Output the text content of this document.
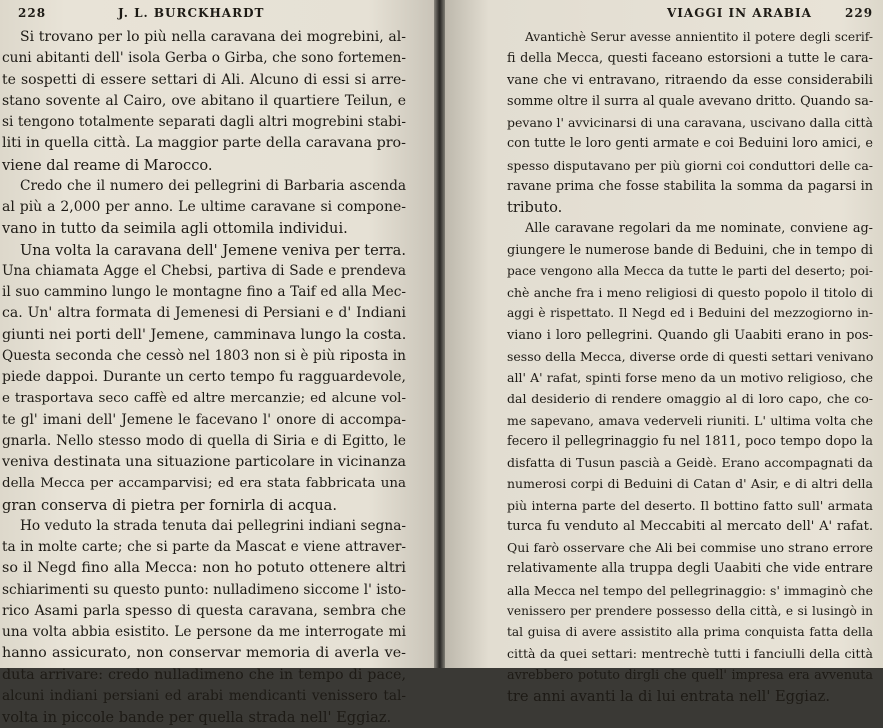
228	J. L. BURCKHARDT
Si trovano per lo più nella caravana dei mogrebini, al-
cuni abitanti dell' isola Gerba o Girba, che sono fortemen-
te sospetti di essere settari di Ali. Alcuno di essi si arre-
stano sovente al Cairo, ove abitano il quartiere Teilun, e
si tengono totalmente separati dagli altri mogrebini stabi-
liti in quella città. La maggior parte della caravana pro-
viene dal reame di Marocco.
Credo che il numero dei pellegrini di Barbaria ascenda
al più a 2,000 per anno. Le ultime caravane si compone-
vano in tutto da seimila agli ottomila individui.
Una volta la caravana dell' Jemene veniva per terra.
Una chiamata Agge el Chebsi, partiva di Sade e prendeva
il suo cammino lungo le montagne fino a Taif ed alla Mec-
ca. Un' altra formata di Jemenesi di Persiani e d' Indiani
giunti nei porti dell' Jemene, camminava lungo la costa.
Questa seconda che cessò nel 1803 non si è più riposta in
piede dappoi. Durante un certo tempo fu ragguardevole,
e trasportava seco caffè ed altre mercanzie; ed alcune vol-
te gl' imani dell' Jemene le facevano l' onore di accompa-
gnarla. Nello stesso modo di quella di Siria e di Egitto, le
veniva destinata una situazione particolare in vicinanza
della Mecca per accamparvisi; ed era stata fabbricata una
gran conserva di pietra per fornirla di acqua.
Ho veduto la strada tenuta dai pellegrini indiani segna-
ta in molte carte; che si parte da Mascat e viene attraver-
so il Negd fino alla Mecca: non ho potuto ottenere altri
schiarimenti su questo punto: nulladimeno siccome l' isto-
rico Asami parla spesso di questa caravana, sembra che
una volta abbia esistito. Le persone da me interrogate mi
hanno assicurato, non conservar memoria di averla ve-
duta arrivare: credo nulladimeno che in tempo di pace,
alcuni indiani persiani ed arabi mendicanti venissero tal-
volta in piccole bande per quella strada nell' Eggiaz.
VIAGGI IN ARABIA	229
Avantichè Serur avesse annientito il potere degli scerif-
fi della Mecca, questi faceano estorsioni a tutte le cara-
vane che vi entravano, ritraendo da esse considerabili
somme oltre il surra al quale avevano dritto. Quando sa-
pevano l' avvicinarsi di una caravana, uscivano dalla città
con tutte le loro genti armate e coi Beduini loro amici, e
spesso disputavano per più giorni coi conduttori delle ca-
ravane prima che fosse stabilita la somma da pagarsi in
tributo.
Alle caravane regolari da me nominate, conviene ag-
giungere le numerose bande di Beduini, che in tempo di
pace vengono alla Mecca da tutte le parti del deserto; poi-
chè anche fra i meno religiosi di questo popolo il titolo di
aggi è rispettato. Il Negd ed i Beduini del mezzogiorno in-
viano i loro pellegrini. Quando gli Uaabiti erano in pos-
sesso della Mecca, diverse orde di questi settari venivano
all' A' rafat, spinti forse meno da un motivo religioso, che
dal desiderio di rendere omaggio al di loro capo, che co-
me sapevano, amava vederveli riuniti. L' ultima volta che
fecero il pellegrinaggio fu nel 1811, poco tempo dopo la
disfatta di Tusun pascià a Geidè. Erano accompagnati da
numerosi corpi di Beduini di Catan d' Asir, e di altri della
più interna parte del deserto. Il bottino fatto sull' armata
turca fu venduto al Meccabiti al mercato dell' A' rafat.
Qui farò osservare che Ali bei commise uno strano errore
relativamente alla truppa degli Uaabiti che vide entrare
alla Mecca nel tempo del pellegrinaggio: s' immaginò che
venissero per prendere possesso della città, e si lusingò in
tal guisa di avere assistito alla prima conquista fatta della
città da quei settari: mentrechè tutti i fanciulli della città
avrebbero potuto dirgli che quell' impresa era avvenuta
tre anni avanti la di lui entrata nell' Eggiaz.
